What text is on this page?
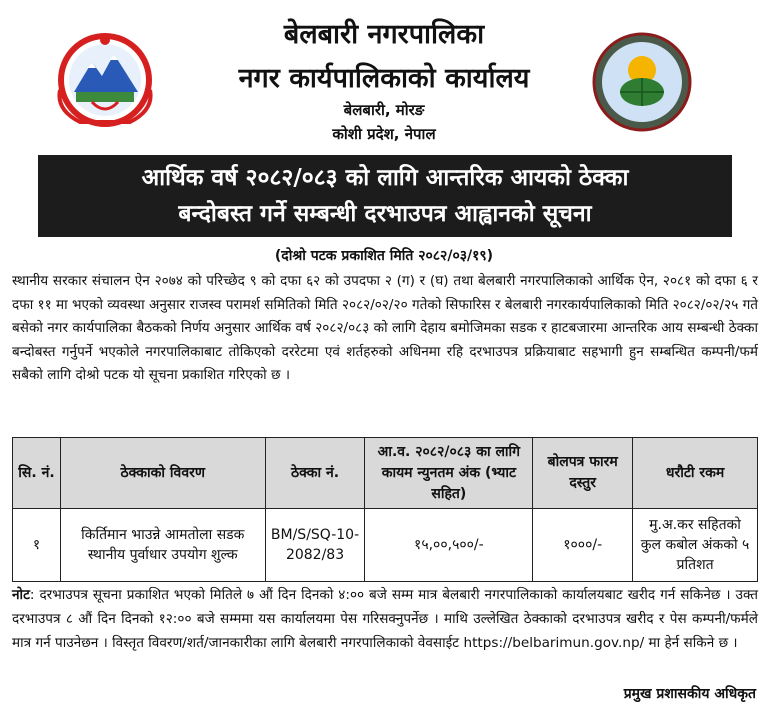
बेलबारी नगरपालिका
नगर कार्यपालिकाको कार्यालय
बेलबारी, मोरङ
कोशी प्रदेश, नेपाल
आर्थिक वर्ष २०८२/०८३ को लागि आन्तरिक आयको ठेक्का
बन्दोबस्त गर्ने सम्बन्धी दरभाउपत्र आह्वानको सूचना
(दोश्रो पटक प्रकाशित मिति २०८२/०३/१९)
स्थानीय सरकार संचालन ऐन २०७४ को परिच्छेद ९ को दफा ६२ को उपदफा २ (ग) र (घ) तथा बेलबारी नगरपालिकाको आर्थिक ऐन, २०८१ को दफा ६ र दफा ११ मा भएको व्यवस्था अनुसार राजस्व परामर्श समितिको मिति २०८२/०२/२० गतेको सिफारिस र बेलबारी नगरकार्यपालिकाको मिति २०८२/०२/२५ गते बसेको नगर कार्यपालिका बैठकको निर्णय अनुसार आर्थिक वर्ष २०८२/०८३ को लागि देहाय बमोजिमका सडक र हाटबजारमा आन्तरिक आय सम्बन्धी ठेक्का बन्दोबस्त गर्नुपर्ने भएकोले नगरपालिकाबाट तोकिएको दररेटमा एवं शर्तहरुको अधिनमा रहि दरभाउपत्र प्रक्रियाबाट सहभागी हुन सम्बन्धित कम्पनी/फर्म सबैको लागि दोश्रो पटक यो सूचना प्रकाशित गरिएको छ ।
सि. नं.	ठेक्काको विवरण	ठेक्का नं.	आ.व. २०८२/०८३ का लागि कायम न्युनतम अंक (भ्याट सहित)	बोलपत्र फारम दस्तुर	धरौटी रकम
१	किर्तिमान भाउन्ने आमतोला सडक स्थानीय पुर्वाधार उपयोग शुल्क	BM/S/SQ-10-2082/83	१५,००,५००/-	१०००/-	मु.अ.कर सहितको कुल कबोल अंकको ५ प्रतिशत
नोट: दरभाउपत्र सूचना प्रकाशित भएको मितिले ७ औं दिन दिनको ४:०० बजे सम्म मात्र बेलबारी नगरपालिकाको कार्यालयबाट खरीद गर्न सकिनेछ । उक्त दरभाउपत्र ८ औं दिन दिनको १२:०० बजे सम्ममा यस कार्यालयमा पेस गरिसक्नुपर्नेछ । माथि उल्लेखित ठेक्काको दरभाउपत्र खरीद र पेस कम्पनी/फर्मले मात्र गर्न पाउनेछन । विस्तृत विवरण/शर्त/जानकारीका लागि बेलबारी नगरपालिकाको वेवसाईट https://belbarimun.gov.np/ मा हेर्न सकिने छ ।
प्रमुख प्रशासकीय अधिकृत
